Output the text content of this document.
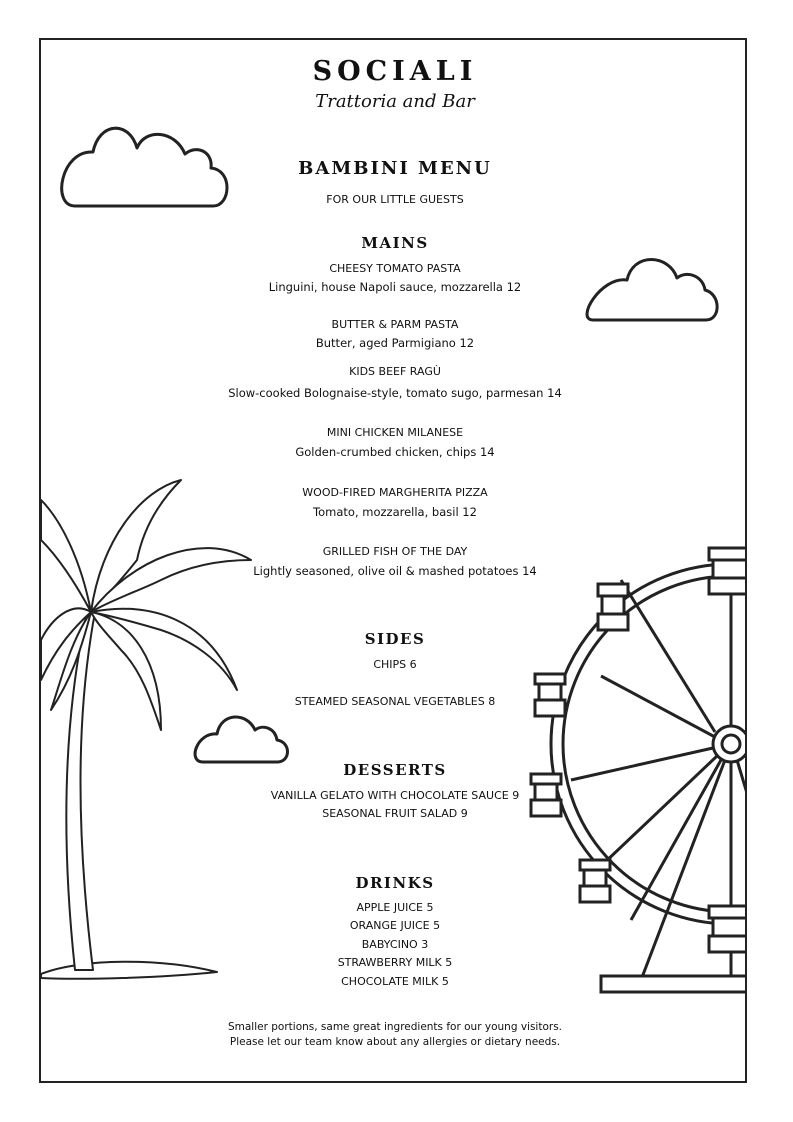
SOCIALI
Trattoria and Bar
BAMBINI MENU
FOR OUR LITTLE GUESTS
MAINS
CHEESY TOMATO PASTA
Linguini, house Napoli sauce, mozzarella 12
BUTTER & PARM PASTA
Butter, aged Parmigiano 12
KIDS BEEF RAGÙ
Slow-cooked Bolognaise-style, tomato sugo, parmesan 14
MINI CHICKEN MILANESE
Golden-crumbed chicken, chips 14
WOOD-FIRED MARGHERITA PIZZA
Tomato, mozzarella, basil 12
GRILLED FISH OF THE DAY
Lightly seasoned, olive oil & mashed potatoes 14
SIDES
CHIPS 6
STEAMED SEASONAL VEGETABLES 8
DESSERTS
VANILLA GELATO WITH CHOCOLATE SAUCE 9
SEASONAL FRUIT SALAD 9
DRINKS
APPLE JUICE 5
ORANGE JUICE 5
BABYCINO 3
STRAWBERRY MILK 5
CHOCOLATE MILK 5
Smaller portions, same great ingredients for our young visitors.
Please let our team know about any allergies or dietary needs.
